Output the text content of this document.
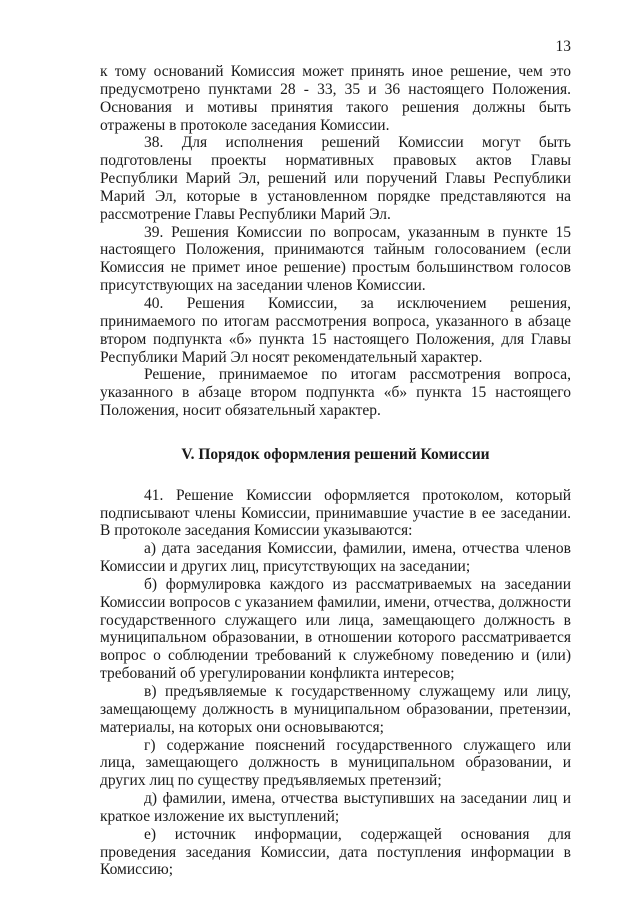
13

к тому оснований Комиссия может принять иное решение, чем это предусмотрено пунктами 28 - 33, 35 и 36 настоящего Положения. Основания и мотивы принятия такого решения должны быть отражены в протоколе заседания Комиссии.

38. Для исполнения решений Комиссии могут быть подготовлены проекты нормативных правовых актов Главы Республики Марий Эл, решений или поручений Главы Республики Марий Эл, которые в установленном порядке представляются на рассмотрение Главы Республики Марий Эл.

39. Решения Комиссии по вопросам, указанным в пункте 15 настоящего Положения, принимаются тайным голосованием (если Комиссия не примет иное решение) простым большинством голосов присутствующих на заседании членов Комиссии.

40. Решения Комиссии, за исключением решения, принимаемого по итогам рассмотрения вопроса, указанного в абзаце втором подпункта «б» пункта 15 настоящего Положения, для Главы Республики Марий Эл носят рекомендательный характер.

Решение, принимаемое по итогам рассмотрения вопроса, указанного в абзаце втором подпункта «б» пункта 15 настоящего Положения, носит обязательный характер.

V. Порядок оформления решений Комиссии

41. Решение Комиссии оформляется протоколом, который подписывают члены Комиссии, принимавшие участие в ее заседании. В протоколе заседания Комиссии указываются:

а) дата заседания Комиссии, фамилии, имена, отчества членов Комиссии и других лиц, присутствующих на заседании;

б) формулировка каждого из рассматриваемых на заседании Комиссии вопросов с указанием фамилии, имени, отчества, должности государственного служащего или лица, замещающего должность в муниципальном образовании, в отношении которого рассматривается вопрос о соблюдении требований к служебному поведению и (или) требований об урегулировании конфликта интересов;

в) предъявляемые к государственному служащему или лицу, замещающему должность в муниципальном образовании, претензии, материалы, на которых они основываются;

г) содержание пояснений государственного служащего или лица, замещающего должность в муниципальном образовании, и других лиц по существу предъявляемых претензий;

д) фамилии, имена, отчества выступивших на заседании лиц и краткое изложение их выступлений;

е) источник информации, содержащей основания для проведения заседания Комиссии, дата поступления информации в Комиссию;
